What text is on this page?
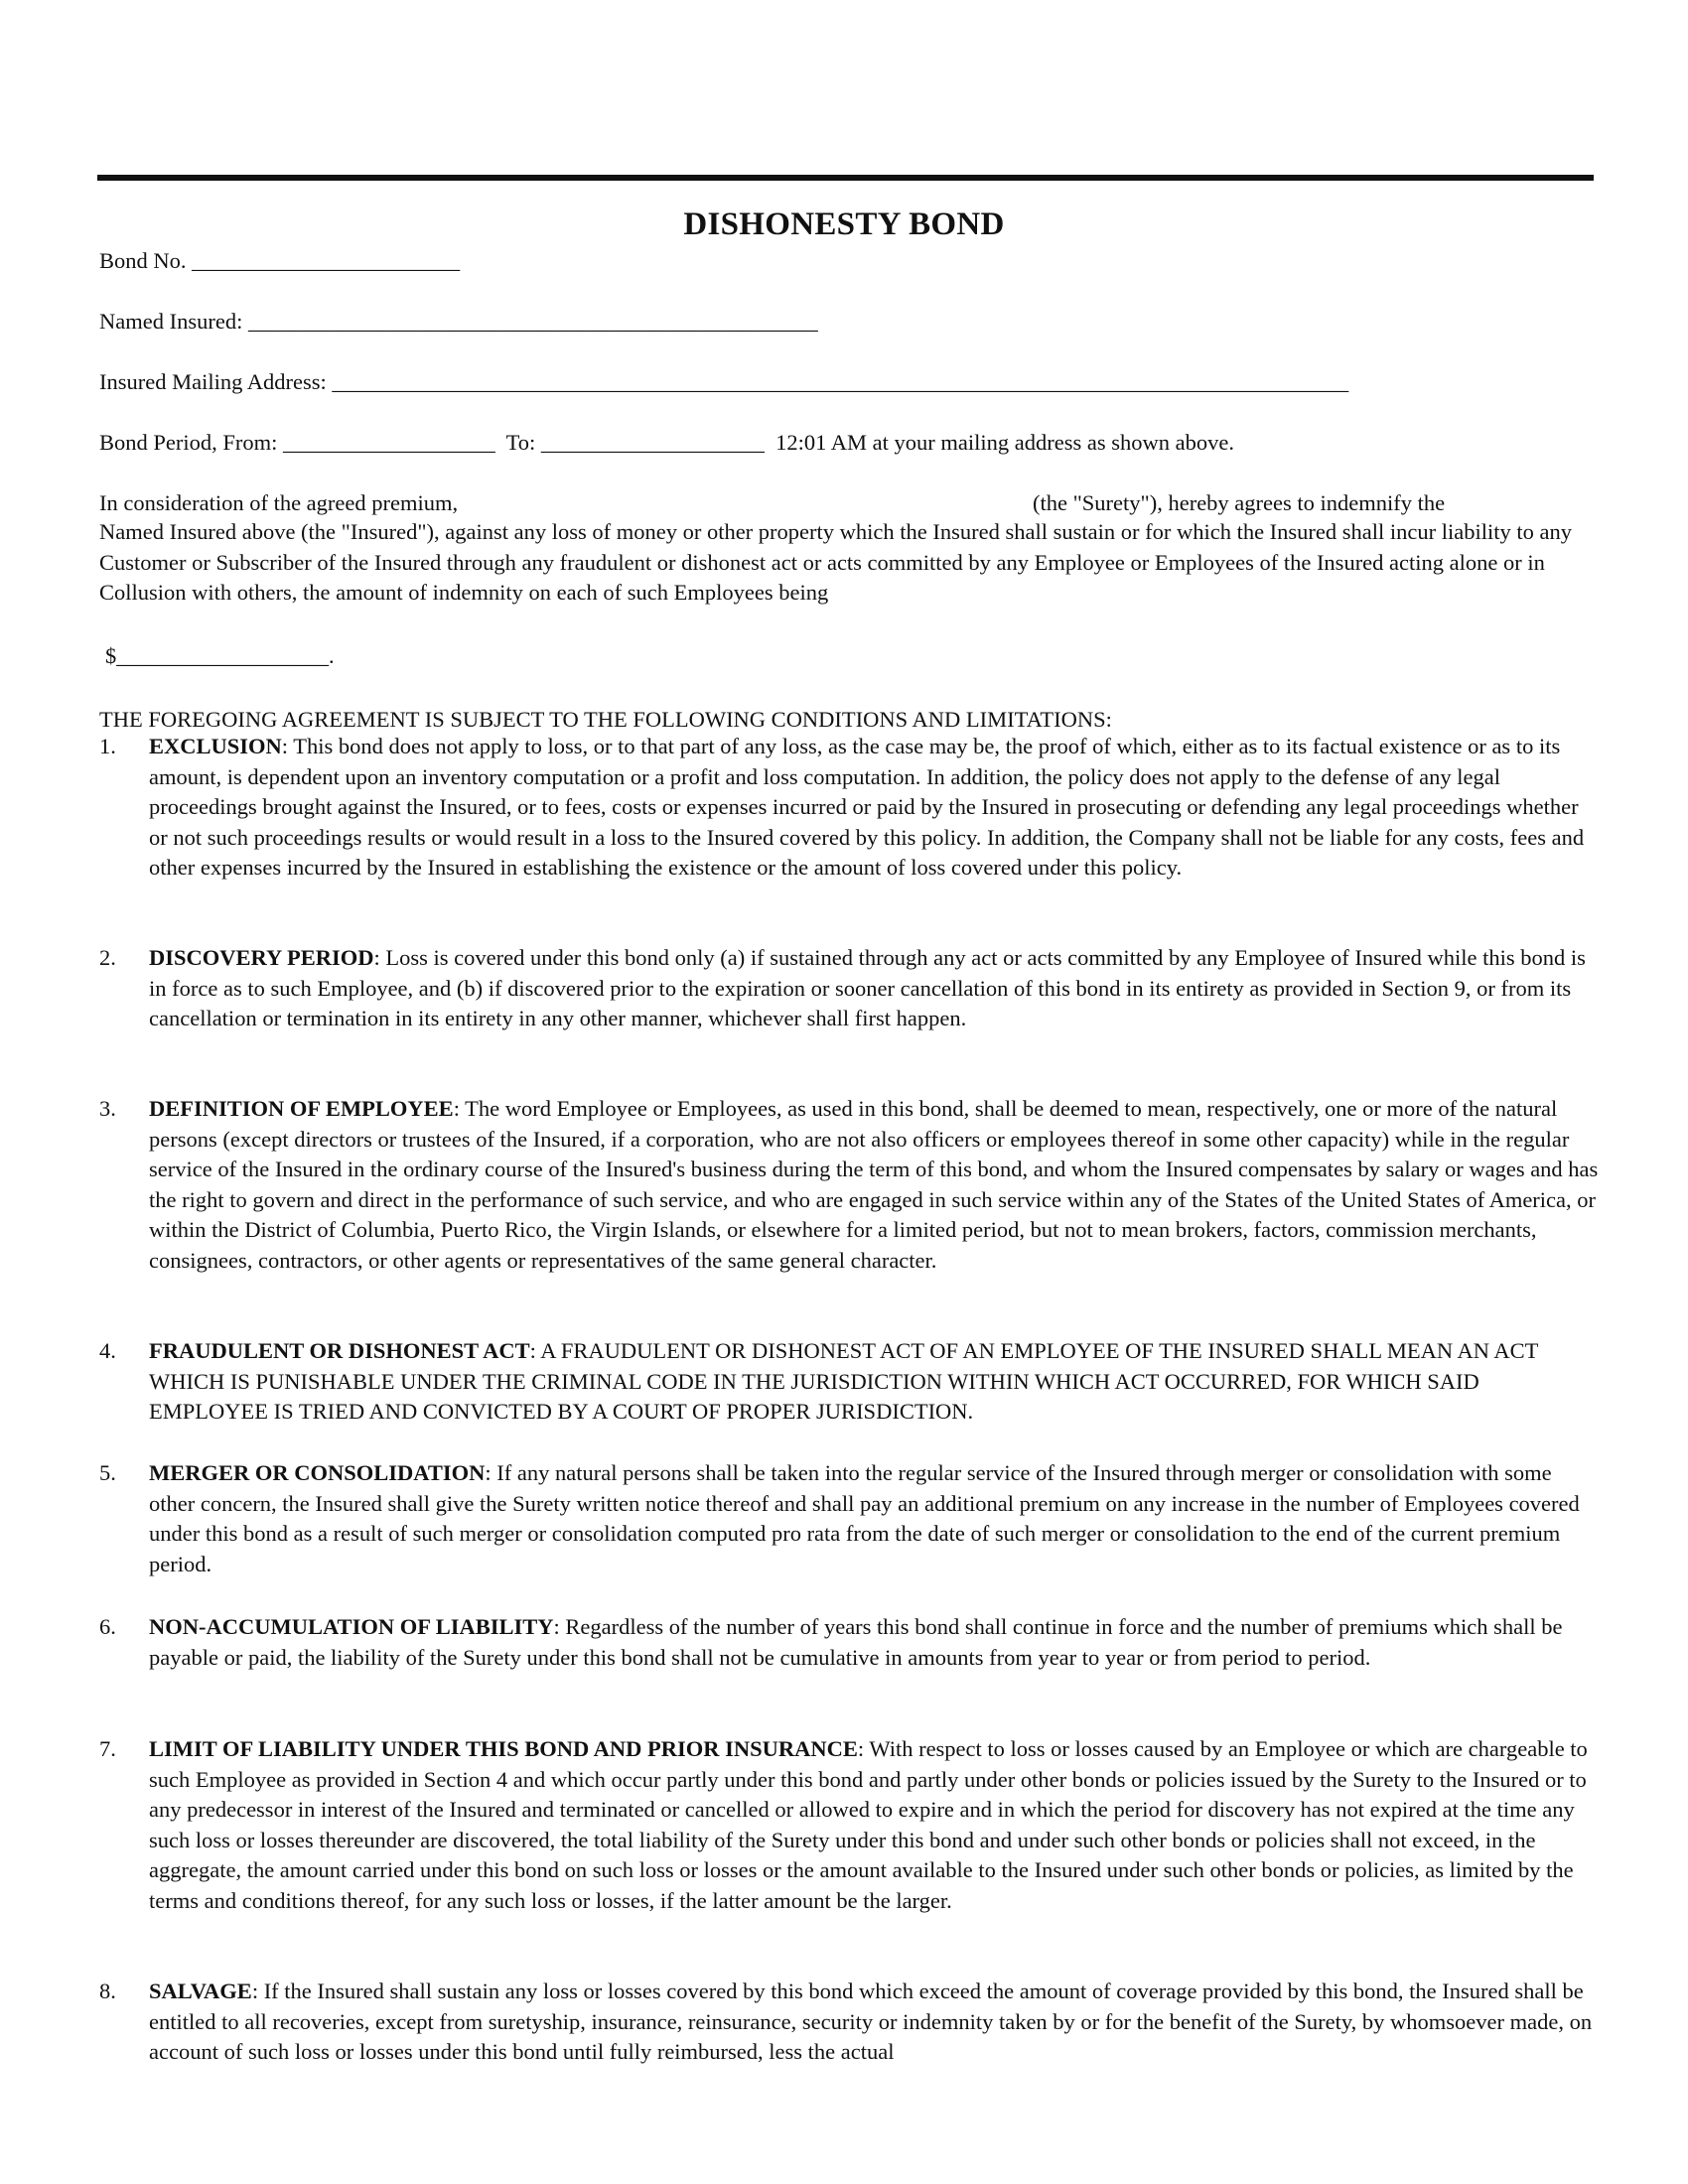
DISHONESTY BOND
Bond No. ________________________
Named Insured: ___________________________________________________
Insured Mailing Address: ___________________________________________________________________________________________
Bond Period, From: ___________________  To: ____________________  12:01 AM at your mailing address as shown above.
In consideration of the agreed premium,	(the "Surety"), hereby agrees to indemnify the
Named Insured above (the "Insured"), against any loss of money or other property which the Insured shall sustain or for which the Insured shall incur liability to any Customer or Subscriber of the Insured through any fraudulent or dishonest act or acts committed by any Employee or Employees of the Insured acting alone or in Collusion with others, the amount of indemnity on each of such Employees being
$___________________.
THE FOREGOING AGREEMENT IS SUBJECT TO THE FOLLOWING CONDITIONS AND LIMITATIONS:
1.	EXCLUSION: This bond does not apply to loss, or to that part of any loss, as the case may be, the proof of which, either as to its factual existence or as to its amount, is dependent upon an inventory computation or a profit and loss computation. In addition, the policy does not apply to the defense of any legal proceedings brought against the Insured, or to fees, costs or expenses incurred or paid by the Insured in prosecuting or defending any legal proceedings whether or not such proceedings results or would result in a loss to the Insured covered by this policy. In addition, the Company shall not be liable for any costs, fees and other expenses incurred by the Insured in establishing the existence or the amount of loss covered under this policy.
2.	DISCOVERY PERIOD: Loss is covered under this bond only (a) if sustained through any act or acts committed by any Employee of Insured while this bond is in force as to such Employee, and (b) if discovered prior to the expiration or sooner cancellation of this bond in its entirety as provided in Section 9, or from its cancellation or termination in its entirety in any other manner, whichever shall first happen.
3.	DEFINITION OF EMPLOYEE: The word Employee or Employees, as used in this bond, shall be deemed to mean, respectively, one or more of the natural persons (except directors or trustees of the Insured, if a corporation, who are not also officers or employees thereof in some other capacity) while in the regular service of the Insured in the ordinary course of the Insured's business during the term of this bond, and whom the Insured compensates by salary or wages and has the right to govern and direct in the performance of such service, and who are engaged in such service within any of the States of the United States of America, or within the District of Columbia, Puerto Rico, the Virgin Islands, or elsewhere for a limited period, but not to mean brokers, factors, commission merchants, consignees, contractors, or other agents or representatives of the same general character.
4.	FRAUDULENT OR DISHONEST ACT: A FRAUDULENT OR DISHONEST ACT OF AN EMPLOYEE OF THE INSURED SHALL MEAN AN ACT WHICH IS PUNISHABLE UNDER THE CRIMINAL CODE IN THE JURISDICTION WITHIN WHICH ACT OCCURRED, FOR WHICH SAID EMPLOYEE IS TRIED AND CONVICTED BY A COURT OF PROPER JURISDICTION.
5.	MERGER OR CONSOLIDATION: If any natural persons shall be taken into the regular service of the Insured through merger or consolidation with some other concern, the Insured shall give the Surety written notice thereof and shall pay an additional premium on any increase in the number of Employees covered under this bond as a result of such merger or consolidation computed pro rata from the date of such merger or consolidation to the end of the current premium period.
6.	NON-ACCUMULATION OF LIABILITY: Regardless of the number of years this bond shall continue in force and the number of premiums which shall be payable or paid, the liability of the Surety under this bond shall not be cumulative in amounts from year to year or from period to period.
7.	LIMIT OF LIABILITY UNDER THIS BOND AND PRIOR INSURANCE: With respect to loss or losses caused by an Employee or which are chargeable to such Employee as provided in Section 4 and which occur partly under this bond and partly under other bonds or policies issued by the Surety to the Insured or to any predecessor in interest of the Insured and terminated or cancelled or allowed to expire and in which the period for discovery has not expired at the time any such loss or losses thereunder are discovered, the total liability of the Surety under this bond and under such other bonds or policies shall not exceed, in the aggregate, the amount carried under this bond on such loss or losses or the amount available to the Insured under such other bonds or policies, as limited by the terms and conditions thereof, for any such loss or losses, if the latter amount be the larger.
8.	SALVAGE: If the Insured shall sustain any loss or losses covered by this bond which exceed the amount of coverage provided by this bond, the Insured shall be entitled to all recoveries, except from suretyship, insurance, reinsurance, security or indemnity taken by or for the benefit of the Surety, by whomsoever made, on account of such loss or losses under this bond until fully reimbursed, less the actual
